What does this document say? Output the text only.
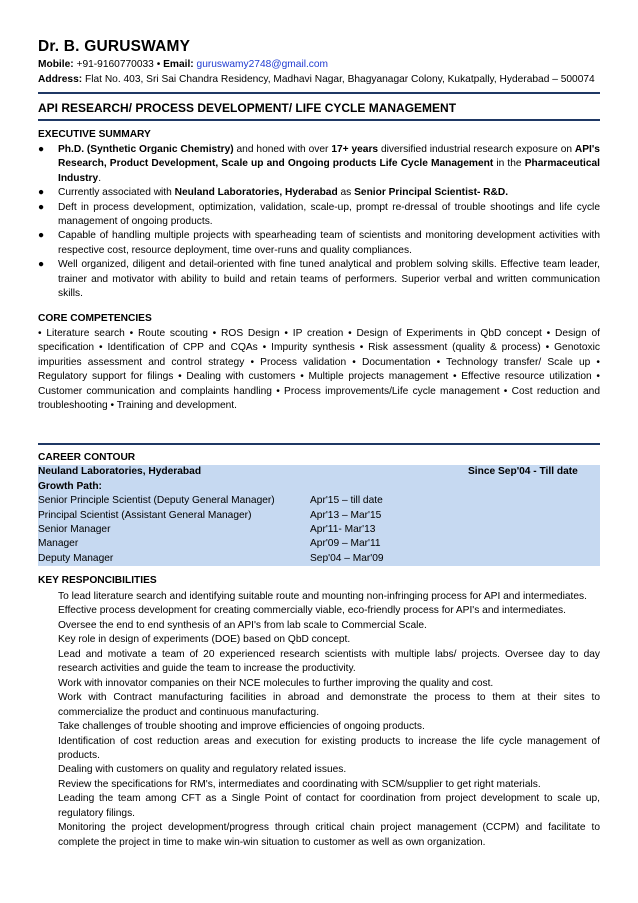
Dr. B. GURUSWAMY
Mobile: +91-9160770033 • Email: guruswamy2748@gmail.com
Address: Flat No. 403, Sri Sai Chandra Residency, Madhavi Nagar, Bhagyanagar Colony, Kukatpally, Hyderabad – 500074
API RESEARCH/ PROCESS DEVELOPMENT/ LIFE CYCLE MANAGEMENT
EXECUTIVE SUMMARY
●	Ph.D. (Synthetic Organic Chemistry) and honed with over 17+ years diversified industrial research exposure on API's Research, Product Development, Scale up and Ongoing products Life Cycle Management in the Pharmaceutical Industry.
●	Currently associated with Neuland Laboratories, Hyderabad as Senior Principal Scientist- R&D.
●	Deft in process development, optimization, validation, scale-up, prompt re-dressal of trouble shootings and life cycle management of ongoing products.
●	Capable of handling multiple projects with spearheading team of scientists and monitoring development activities with respective cost, resource deployment, time over-runs and quality compliances.
●	Well organized, diligent and detail-oriented with fine tuned analytical and problem solving skills. Effective team leader, trainer and motivator with ability to build and retain teams of performers. Superior verbal and written communication skills.
CORE COMPETENCIES
• Literature search • Route scouting • ROS Design • IP creation • Design of Experiments in QbD concept • Design of specification • Identification of CPP and CQAs • Impurity synthesis • Risk assessment (quality & process) • Genotoxic impurities assessment and control strategy • Process validation • Documentation • Technology transfer/ Scale up • Regulatory support for filings • Dealing with customers • Multiple projects management • Effective resource utilization • Customer communication and complaints handling • Process improvements/Life cycle management • Cost reduction and troubleshooting • Training and development.
CAREER CONTOUR
Neuland Laboratories, Hyderabad	Since Sep'04 - Till date
Growth Path:
Senior Principle Scientist (Deputy General Manager)	Apr'15 – till date
Principal Scientist (Assistant General Manager)	Apr'13 – Mar'15
Senior Manager	Apr'11- Mar'13
Manager	Apr'09 – Mar'11
Deputy Manager	Sep'04 – Mar'09
KEY RESPONCIBILITIES
To lead literature search and identifying suitable route and mounting non-infringing process for API and intermediates.
Effective process development for creating commercially viable, eco-friendly process for API's and intermediates.
Oversee the end to end synthesis of an API's from lab scale to Commercial Scale.
Key role in design of experiments (DOE) based on QbD concept.
Lead and motivate a team of 20 experienced research scientists with multiple labs/ projects. Oversee day to day research activities and guide the team to increase the productivity.
Work with innovator companies on their NCE molecules to further improving the quality and cost.
Work with Contract manufacturing facilities in abroad and demonstrate the process to them at their sites to commercialize the product and continuous manufacturing.
Take challenges of trouble shooting and improve efficiencies of ongoing products.
Identification of cost reduction areas and execution for existing products to increase the life cycle management of products.
Dealing with customers on quality and regulatory related issues.
Review the specifications for RM's, intermediates and coordinating with SCM/supplier to get right materials.
Leading the team among CFT as a Single Point of contact for coordination from project development to scale up, regulatory filings.
Monitoring the project development/progress through critical chain project management (CCPM) and facilitate to complete the project in time to make win-win situation to customer as well as own organization.
